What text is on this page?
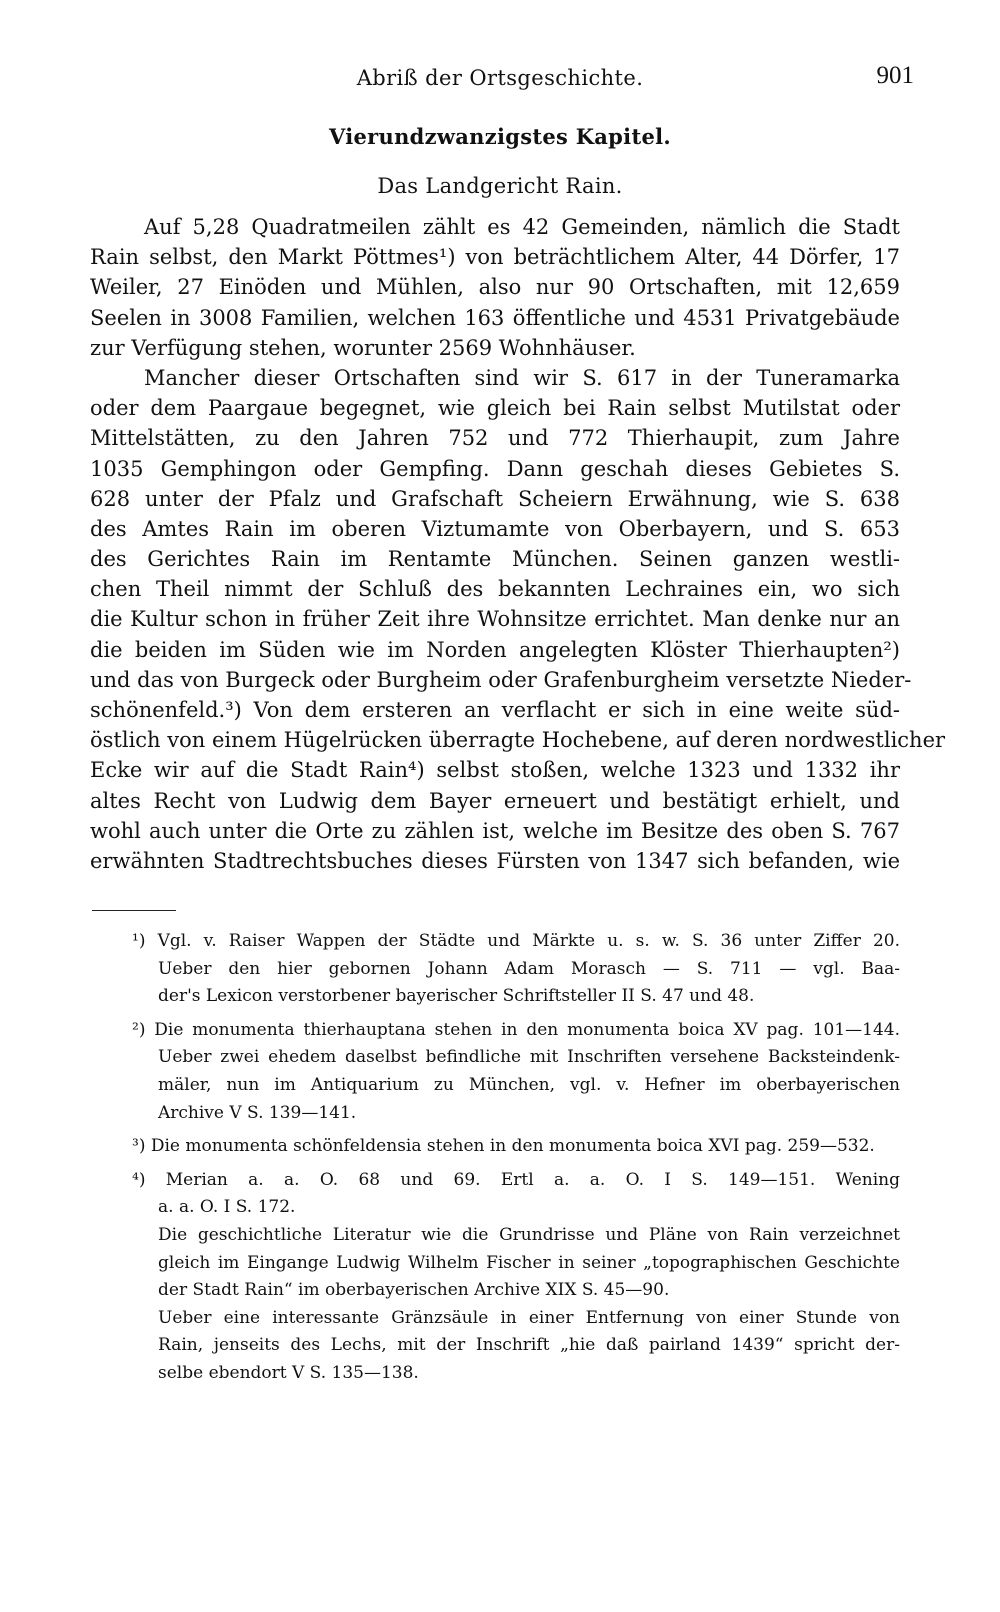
Abriß der Ortsgeschichte.	901
Vierundzwanzigstes Kapitel.
Das Landgericht Rain.
Auf 5,28 Quadratmeilen zählt es 42 Gemeinden, nämlich die Stadt
Rain selbst, den Markt Pöttmes¹) von beträchtlichem Alter, 44 Dörfer, 17
Weiler, 27 Einöden und Mühlen, also nur 90 Ortschaften, mit 12,659
Seelen in 3008 Familien, welchen 163 öffentliche und 4531 Privatgebäude
zur Verfügung stehen, worunter 2569 Wohnhäuser.
Mancher dieser Ortschaften sind wir S. 617 in der Tuneramarka
oder dem Paargaue begegnet, wie gleich bei Rain selbst Mutilstat oder
Mittelstätten, zu den Jahren 752 und 772 Thierhaupit, zum Jahre
1035 Gemphingon oder Gempfing. Dann geschah dieses Gebietes S.
628 unter der Pfalz und Grafschaft Scheiern Erwähnung, wie S. 638
des Amtes Rain im oberen Viztumamte von Oberbayern, und S. 653
des Gerichtes Rain im Rentamte München. Seinen ganzen westli-
chen Theil nimmt der Schluß des bekannten Lechraines ein, wo sich
die Kultur schon in früher Zeit ihre Wohnsitze errichtet. Man denke nur an
die beiden im Süden wie im Norden angelegten Klöster Thierhaupten²)
und das von Burgeck oder Burgheim oder Grafenburgheim versetzte Nieder-
schönenfeld.³) Von dem ersteren an verflacht er sich in eine weite süd-
östlich von einem Hügelrücken überragte Hochebene, auf deren nordwestlicher
Ecke wir auf die Stadt Rain⁴) selbst stoßen, welche 1323 und 1332 ihr
altes Recht von Ludwig dem Bayer erneuert und bestätigt erhielt, und
wohl auch unter die Orte zu zählen ist, welche im Besitze des oben S. 767
erwähnten Stadtrechtsbuches dieses Fürsten von 1347 sich befanden, wie
¹) Vgl. v. Raiser Wappen der Städte und Märkte u. s. w. S. 36 unter Ziffer 20.
Ueber den hier gebornen Johann Adam Morasch — S. 711 — vgl. Baa-
der's Lexicon verstorbener bayerischer Schriftsteller II S. 47 und 48.
²) Die monumenta thierhauptana stehen in den monumenta boica XV pag. 101—144.
Ueber zwei ehedem daselbst befindliche mit Inschriften versehene Backsteindenk-
mäler, nun im Antiquarium zu München, vgl. v. Hefner im oberbayerischen
Archive V S. 139—141.
³) Die monumenta schönfeldensia stehen in den monumenta boica XVI pag. 259—532.
⁴) Merian a. a. O. 68 und 69. Ertl a. a. O. I S. 149—151. Wening
a. a. O. I S. 172.
Die geschichtliche Literatur wie die Grundrisse und Pläne von Rain verzeichnet
gleich im Eingange Ludwig Wilhelm Fischer in seiner „topographischen Geschichte
der Stadt Rain“ im oberbayerischen Archive XIX S. 45—90.
Ueber eine interessante Gränzsäule in einer Entfernung von einer Stunde von
Rain, jenseits des Lechs, mit der Inschrift „hie daß pairland 1439“ spricht der-
selbe ebendort V S. 135—138.
